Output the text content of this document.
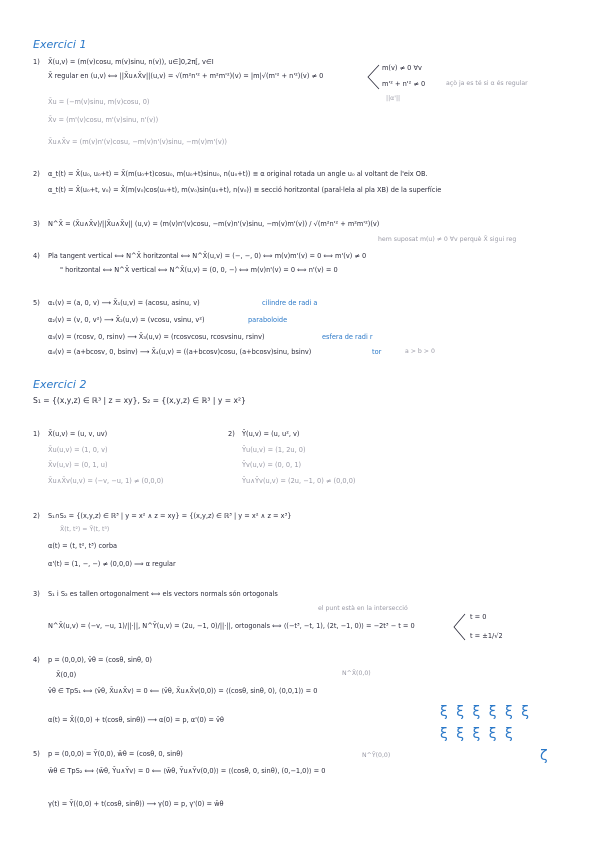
Exercici 1
1) X̄(u,v) = (m(v)cosu, m(v)sinu, n(v)), u∈]0,2π[, v∈I
X̄ regular en (u,v) ⟺ ||X̄u∧X̄v||(u,v) = √(m²n'² + m²m'²)(v) = |m|√(m'² + n'²)(v) ≠ 0
m(v) ≠ 0 ∀v
m'² + n'² ≠ 0
||α'||
açò ja es té si α és regular
X̄u = (−m(v)sinu, m(v)cosu, 0)
X̄v = (m'(v)cosu, m'(v)sinu, n'(v))
X̄u∧X̄v = (m(v)n'(v)cosu, −m(v)n'(v)sinu, −m(v)m'(v))
2) α_t(t) = X̄(u₀, u₀+t) = X̄(m(u₀+t)cosu₀, m(u₀+t)sinu₀, n(u₀+t)) ≡ α original rotada un angle u₀ al voltant de l'eix OB.
α_t(t) = X̄(u₀+t, v₀) = X̄(m(v₀)cos(u₀+t), m(v₀)sin(u₀+t), n(v₀)) ≡ secció horitzontal (paral·lela al pla XB) de la superfície
3) N^X̄ = (X̄u∧X̄v)/||X̄u∧X̄v|| (u,v) = (m(v)n'(v)cosu, −m(v)n'(v)sinu, −m(v)m'(v)) / √(m²n'² + m²m'²)(v)
hem suposat m(u) ≠ 0 ∀v perquè X̄ sigui reg
4) Pla tangent vertical ⟺ N^X̄ horitzontal ⟺ N^X̄(u,v) = (−, −, 0) ⟺ m(v)m'(v) = 0 ⟺ m'(v) ≠ 0
" horitzontal ⟺ N^X̄ vertical ⟺ N^X̄(u,v) = (0, 0, −) ⟺ m(v)n'(v) = 0 ⟺ n'(v) = 0
5) α₁(v) = (a, 0, v) ⟶ X̄₁(u,v) = (acosu, asinu, v)	cilindre de radi a
α₂(v) = (v, 0, v²) ⟶ X̄₂(u,v) = (vcosu, vsinu, v²)	paraboloide
α₃(v) = (rcosv, 0, rsinv) ⟶ X̄₃(u,v) = (rcosvcosu, rcosvsinu, rsinv)	esfera de radi r
α₄(v) = (a+bcosv, 0, bsinv) ⟶ X̄₄(u,v) = ((a+bcosv)cosu, (a+bcosv)sinu, bsinv)	tor	a > b > 0
Exercici 2
S₁ = {(x,y,z) ∈ ℝ³ | z = xy}, S₂ = {(x,y,z) ∈ ℝ³ | y = x²}
1) X̄(u,v) = (u, v, uv)
X̄u(u,v) = (1, 0, v)
X̄v(u,v) = (0, 1, u)
X̄u∧X̄v(u,v) = (−v, −u, 1) ≠ (0,0,0)
2) Ȳ(u,v) = (u, u², v)
Ȳu(u,v) = (1, 2u, 0)
Ȳv(u,v) = (0, 0, 1)
Ȳu∧Ȳv(u,v) = (2u, −1, 0) ≠ (0,0,0)
2) S₁∩S₂ = {(x,y,z) ∈ ℝ³ | y = x² ∧ z = xy} = {(x,y,z) ∈ ℝ³ | y = x² ∧ z = x³}
X̄(t, t²) = Ȳ(t, t³)
α(t) = (t, t², t³) corba
α'(t) = (1, −, −) ≠ (0,0,0) ⟹ α regular
3) S₁ i S₂ es tallen ortogonalment ⟺ els vectors normals són ortogonals
el punt està en la intersecció
N^X̄(u,v) = (−v, −u, 1)/||·||, N^Ȳ(u,v) = (2u, −1, 0)/||·||, ortogonals ⟺ ⟨(−t³, −t, 1), (2t, −1, 0)⟩ = −2t³ − t = 0
t = 0
t = ±1/√2
4) p = (0,0,0), v̄θ = (cosθ, sinθ, 0)
X̄(0,0)	N^X̄(0,0)
v̄θ ∈ TpS₁ ⟺ ⟨v̄θ, X̄u∧X̄v⟩ = 0 ⟸ ⟨v̄θ, X̄u∧X̄v(0,0)⟩ = ⟨(cosθ, sinθ, 0), (0,0,1)⟩ = 0
α(t) = X̄((0,0) + t(cosθ, sinθ)) ⟶ α(0) = p, α'(0) = v̄θ
5) p = (0,0,0) = Ȳ(0,0), w̄θ = (cosθ, 0, sinθ)	N^Ȳ(0,0)
w̄θ ∈ TpS₂ ⟺ ⟨w̄θ, Ȳu∧Ȳv⟩ = 0 ⟸ ⟨w̄θ, Ȳu∧Ȳv(0,0)⟩ = ⟨(cosθ, 0, sinθ), (0,−1,0)⟩ = 0
γ(t) = Ȳ((0,0) + t(cosθ, sinθ)) ⟶ γ(0) = p, γ'(0) = w̄θ
ξ ξ ξ ξ ξ ξ
ξ ξ ξ ξ ξ
ζ
